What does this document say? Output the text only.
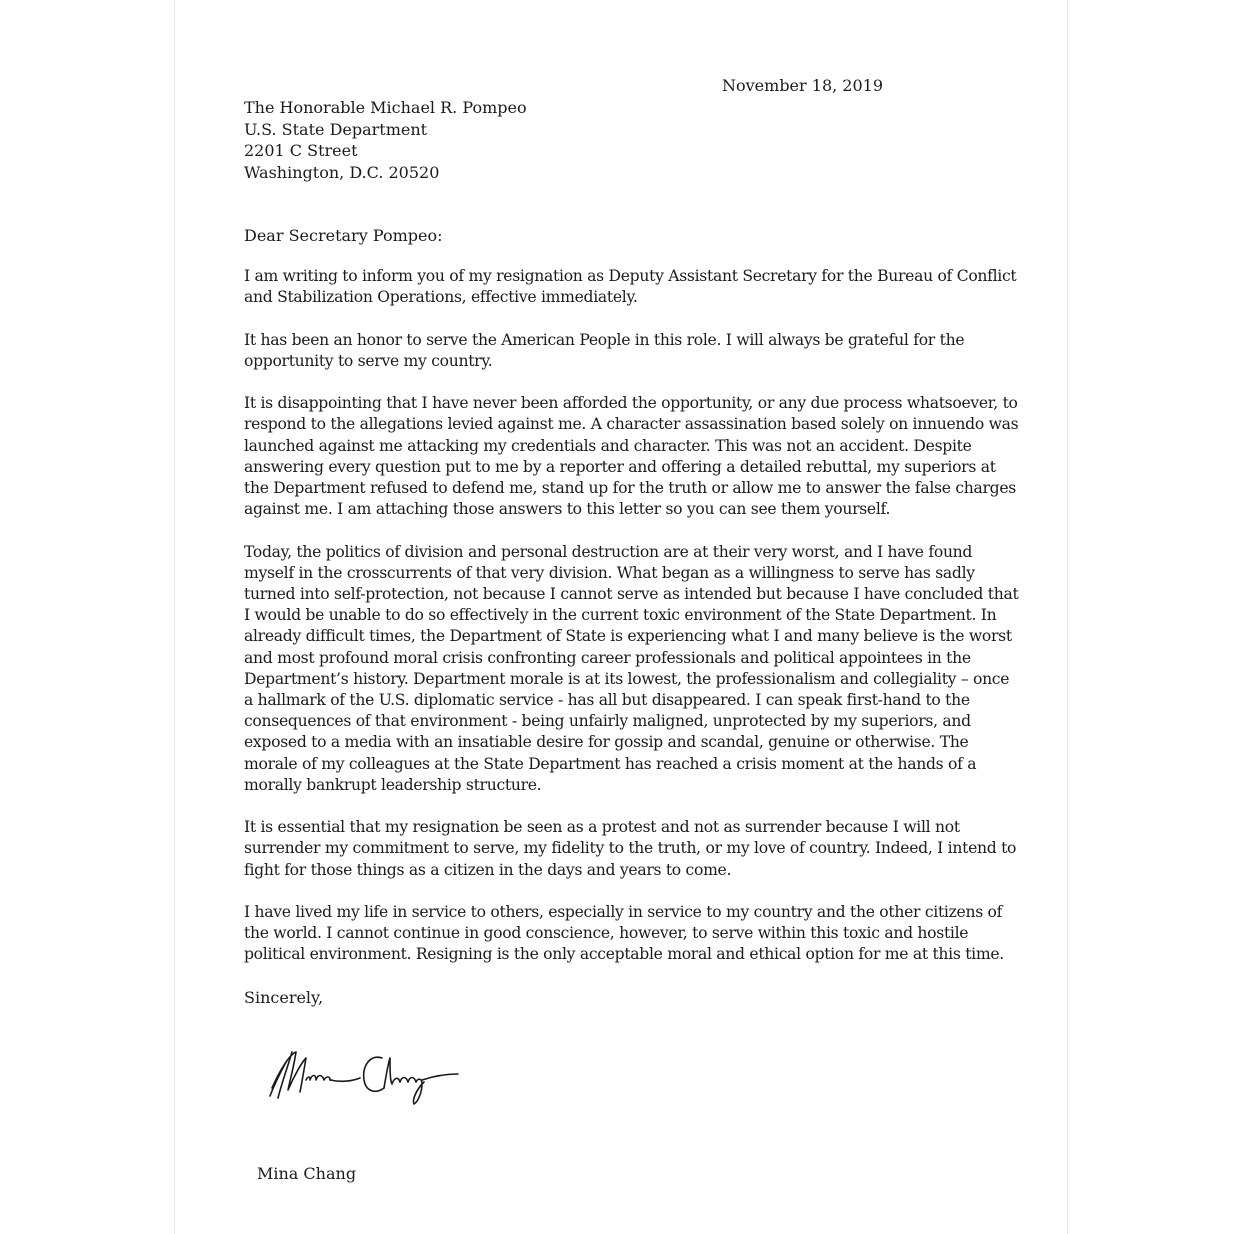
November 18, 2019
The Honorable Michael R. Pompeo
U.S. State Department
2201 C Street
Washington, D.C. 20520
Dear Secretary Pompeo:

I am writing to inform you of my resignation as Deputy Assistant Secretary for the Bureau of Conflict and Stabilization Operations, effective immediately.

It has been an honor to serve the American People in this role. I will always be grateful for the opportunity to serve my country.

It is disappointing that I have never been afforded the opportunity, or any due process whatsoever, to respond to the allegations levied against me. A character assassination based solely on innuendo was launched against me attacking my credentials and character. This was not an accident. Despite answering every question put to me by a reporter and offering a detailed rebuttal, my superiors at the Department refused to defend me, stand up for the truth or allow me to answer the false charges against me. I am attaching those answers to this letter so you can see them yourself.

Today, the politics of division and personal destruction are at their very worst, and I have found myself in the crosscurrents of that very division. What began as a willingness to serve has sadly turned into self-protection, not because I cannot serve as intended but because I have concluded that I would be unable to do so effectively in the current toxic environment of the State Department. In already difficult times, the Department of State is experiencing what I and many believe is the worst and most profound moral crisis confronting career professionals and political appointees in the Department’s history. Department morale is at its lowest, the professionalism and collegiality – once a hallmark of the U.S. diplomatic service - has all but disappeared. I can speak first-hand to the consequences of that environment - being unfairly maligned, unprotected by my superiors, and exposed to a media with an insatiable desire for gossip and scandal, genuine or otherwise. The morale of my colleagues at the State Department has reached a crisis moment at the hands of a morally bankrupt leadership structure.

It is essential that my resignation be seen as a protest and not as surrender because I will not surrender my commitment to serve, my fidelity to the truth, or my love of country. Indeed, I intend to fight for those things as a citizen in the days and years to come.

I have lived my life in service to others, especially in service to my country and the other citizens of the world. I cannot continue in good conscience, however, to serve within this toxic and hostile political environment. Resigning is the only acceptable moral and ethical option for me at this time.

Sincerely,
Mina Chang
